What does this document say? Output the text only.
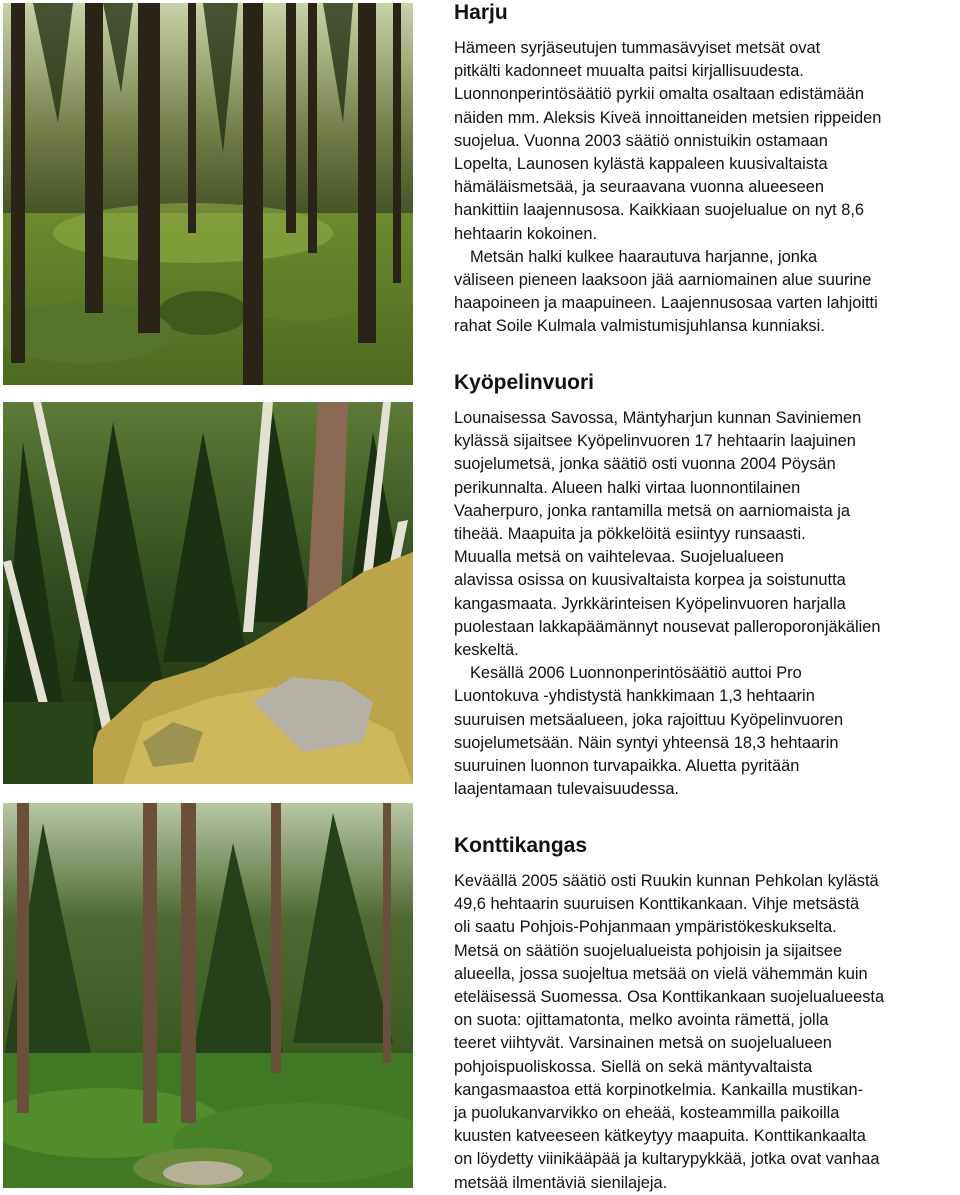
Harju

Hämeen syrjäseutujen tummasävyiset metsät ovat
pitkälti kadonneet muualta paitsi kirjallisuudesta.
Luonnonperintösäätiö pyrkii omalta osaltaan edistämään
näiden mm. Aleksis Kiveä innoittaneiden metsien rippeiden
suojelua. Vuonna 2003 säätiö onnistuikin ostamaan
Lopelta, Launosen kylästä kappaleen kuusivaltaista
hämäläismetsää, ja seuraavana vuonna alueeseen
hankittiin laajennusosa. Kaikkiaan suojelualue on nyt 8,6
hehtaarin kokoinen.

Metsän halki kulkee haarautuva harjanne, jonka
väliseen pieneen laaksoon jää aarniomainen alue suurine
haapoineen ja maapuineen. Laajennusosaa varten lahjoitti
rahat Soile Kulmala valmistumisjuhlansa kunniaksi.

Kyöpelinvuori

Lounaisessa Savossa, Mäntyharjun kunnan Saviniemen
kylässä sijaitsee Kyöpelinvuoren 17 hehtaarin laajuinen
suojelumetsä, jonka säätiö osti vuonna 2004 Pöysän
perikunnalta. Alueen halki virtaa luonnontilainen
Vaaherpuro, jonka rantamilla metsä on aarniomaista ja
tiheää. Maapuita ja pökkelöitä esiintyy runsaasti.
Muualla metsä on vaihtelevaa. Suojelualueen
alavissa osissa on kuusivaltaista korpea ja soistunutta
kangasmaata. Jyrkkärinteisen Kyöpelinvuoren harjalla
puolestaan lakkapäämännyt nousevat palleroporonjäkälien
keskeltä.

Kesällä 2006 Luonnonperintösäätiö auttoi Pro
Luontokuva -yhdistystä hankkimaan 1,3 hehtaarin
suuruisen metsäalueen, joka rajoittuu Kyöpelinvuoren
suojelumetsään. Näin syntyi yhteensä 18,3 hehtaarin
suuruinen luonnon turvapaikka. Aluetta pyritään
laajentamaan tulevaisuudessa.

Konttikangas

Keväällä 2005 säätiö osti Ruukin kunnan Pehkolan kylästä
49,6 hehtaarin suuruisen Konttikankaan. Vihje metsästä
oli saatu Pohjois-Pohjanmaan ympäristökeskukselta.
Metsä on säätiön suojelualueista pohjoisin ja sijaitsee
alueella, jossa suojeltua metsää on vielä vähemmän kuin
eteläisessä Suomessa. Osa Konttikankaan suojelualueesta
on suota: ojittamatonta, melko avointa rämettä, jolla
teeret viihtyvät. Varsinainen metsä on suojelualueen
pohjoispuoliskossa. Siellä on sekä mäntyvaltaista
kangasmaastoa että korpinotkelmia. Kankailla mustikan-
ja puolukanvarvikko on eheää, kosteammilla paikoilla
kuusten katveeseen kätkeytyy maapuita. Konttikankaalta
on löydetty viinikääpää ja kultarypykkää, jotka ovat vanhaa
metsää ilmentäviä sienilajeja.
